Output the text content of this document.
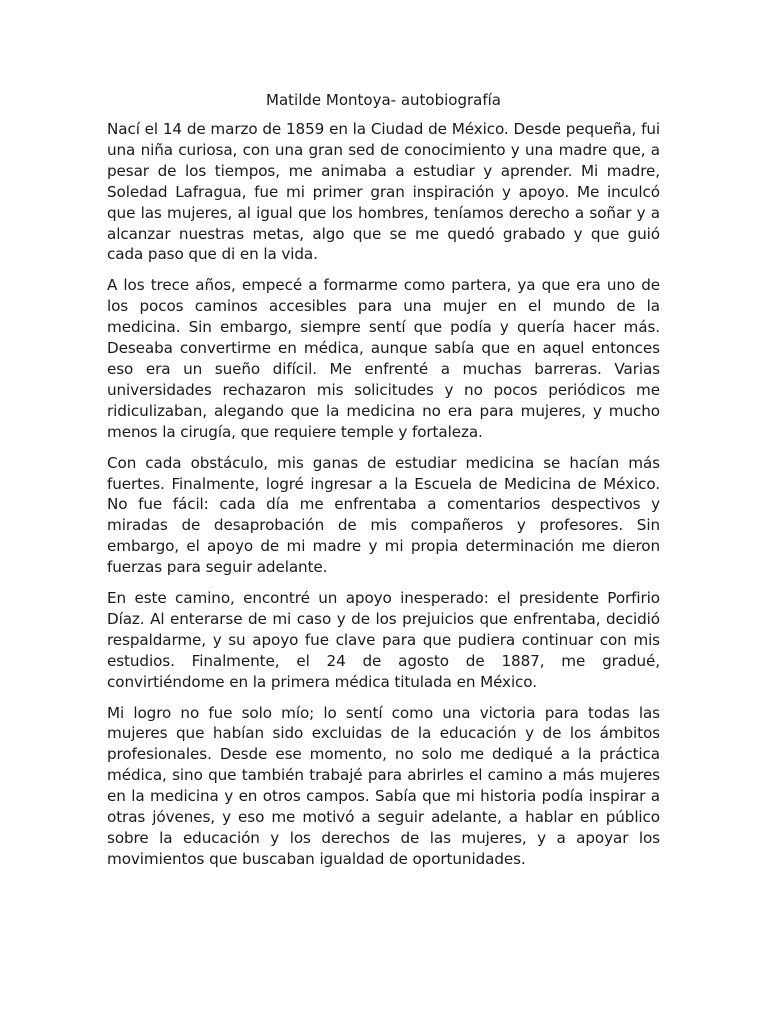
Matilde Montoya- autobiografía

Nací el 14 de marzo de 1859 en la Ciudad de México. Desde pequeña, fui una niña curiosa, con una gran sed de conocimiento y una madre que, a pesar de los tiempos, me animaba a estudiar y aprender. Mi madre, Soledad Lafragua, fue mi primer gran inspiración y apoyo. Me inculcó que las mujeres, al igual que los hombres, teníamos derecho a soñar y a alcanzar nuestras metas, algo que se me quedó grabado y que guió cada paso que di en la vida.

A los trece años, empecé a formarme como partera, ya que era uno de los pocos caminos accesibles para una mujer en el mundo de la medicina. Sin embargo, siempre sentí que podía y quería hacer más. Deseaba convertirme en médica, aunque sabía que en aquel entonces eso era un sueño difícil. Me enfrenté a muchas barreras. Varias universidades rechazaron mis solicitudes y no pocos periódicos me ridiculizaban, alegando que la medicina no era para mujeres, y mucho menos la cirugía, que requiere temple y fortaleza.

Con cada obstáculo, mis ganas de estudiar medicina se hacían más fuertes. Finalmente, logré ingresar a la Escuela de Medicina de México. No fue fácil: cada día me enfrentaba a comentarios despectivos y miradas de desaprobación de mis compañeros y profesores. Sin embargo, el apoyo de mi madre y mi propia determinación me dieron fuerzas para seguir adelante.

En este camino, encontré un apoyo inesperado: el presidente Porfirio Díaz. Al enterarse de mi caso y de los prejuicios que enfrentaba, decidió respaldarme, y su apoyo fue clave para que pudiera continuar con mis estudios. Finalmente, el 24 de agosto de 1887, me gradué, convirtiéndome en la primera médica titulada en México.

Mi logro no fue solo mío; lo sentí como una victoria para todas las mujeres que habían sido excluidas de la educación y de los ámbitos profesionales. Desde ese momento, no solo me dediqué a la práctica médica, sino que también trabajé para abrirles el camino a más mujeres en la medicina y en otros campos. Sabía que mi historia podía inspirar a otras jóvenes, y eso me motivó a seguir adelante, a hablar en público sobre la educación y los derechos de las mujeres, y a apoyar los movimientos que buscaban igualdad de oportunidades.
